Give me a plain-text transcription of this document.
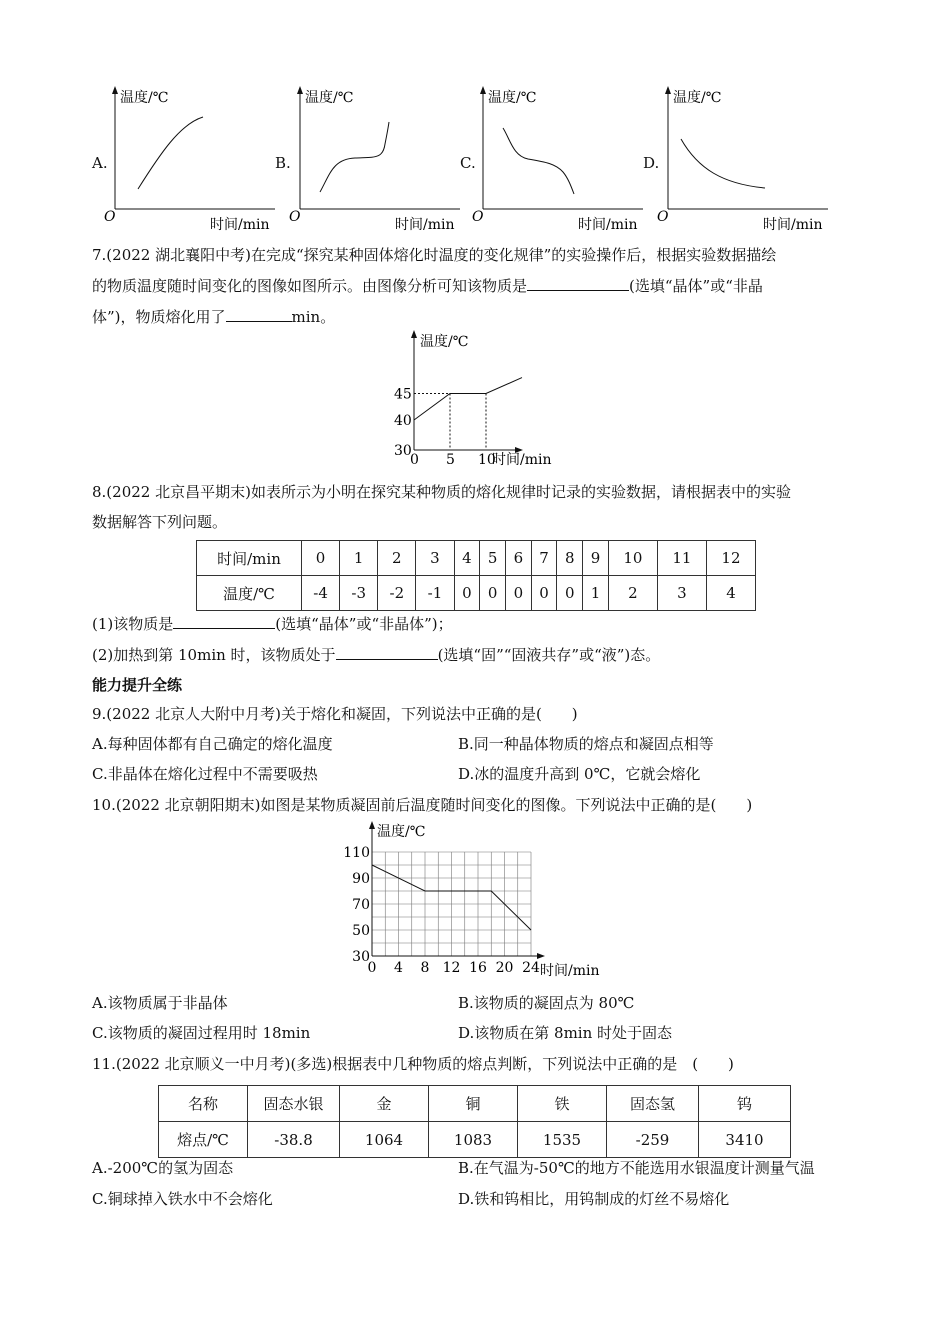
A.	B.	C.	D.
温度/℃
O	时间/min
温度/℃
O	时间/min
温度/℃
O	时间/min
温度/℃
O	时间/min
7.(2022 湖北襄阳中考)在完成“探究某种固体熔化时温度的变化规律”的实验操作后，根据实验数据描绘
的物质温度随时间变化的图像如图所示。由图像分析可知该物质是	(选填“晶体”或“非晶
体”)，物质熔化用了	min。
温度/℃
时间/min
45
40
30
0 5 10
8.(2022 北京昌平期末)如表所示为小明在探究某种物质的熔化规律时记录的实验数据，请根据表中的实验
数据解答下列问题。
时间/min	0	1	2	3	4	5	6	7	8	9	10	11	12
温度/℃	-4	-3	-2	-1	0	0	0	0	0	1	2	3	4
(1)该物质是	(选填“晶体”或“非晶体”)；
(2)加热到第 10min 时，该物质处于	(选填“固”“固液共存”或“液”)态。
能力提升全练
9.(2022 北京人大附中月考)关于熔化和凝固，下列说法中正确的是(　　)
A.每种固体都有自己确定的熔化温度	B.同一种晶体物质的熔点和凝固点相等
C.非晶体在熔化过程中不需要吸热	D.冰的温度升高到 0℃，它就会熔化
10.(2022 北京朝阳期末)如图是某物质凝固前后温度随时间变化的图像。下列说法中正确的是(　　)
温度/℃
时间/min
110
90
70
50
30
0 4 8 12 16 20 24
A.该物质属于非晶体	B.该物质的凝固点为 80℃
C.该物质的凝固过程用时 18min	D.该物质在第 8min 时处于固态
11.(2022 北京顺义一中月考)(多选)根据表中几种物质的熔点判断，下列说法中正确的是　(　　)
名称	固态水银	金	铜	铁	固态氢	钨
熔点/℃	-38.8	1064	1083	1535	-259	3410
A.-200℃的氢为固态	B.在气温为-50℃的地方不能选用水银温度计测量气温
C.铜球掉入铁水中不会熔化	D.铁和钨相比，用钨制成的灯丝不易熔化
